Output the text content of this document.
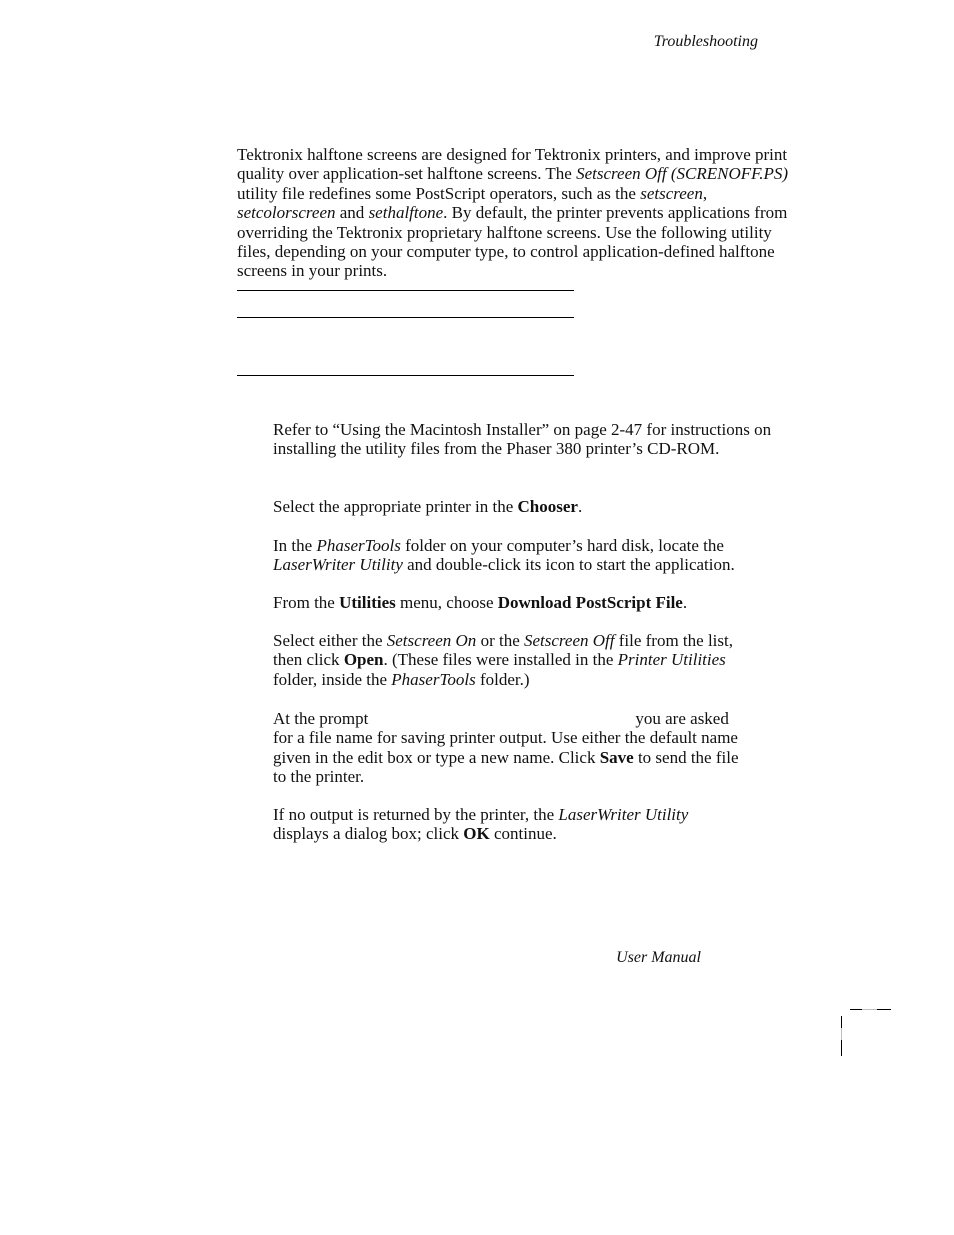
Troubleshooting
Tektronix halftone screens are designed for Tektronix printers, and improve print quality over application-set halftone screens. The Setscreen Off (SCRENOFF.PS) utility file redefines some PostScript operators, such as the setscreen, setcolorscreen and sethalftone. By default, the printer prevents applications from overriding the Tektronix proprietary halftone screens. Use the following utility files, depending on your computer type, to control application-defined halftone screens in your prints.
Refer to “Using the Macintosh Installer” on page 2-47 for instructions on installing the utility files from the Phaser 380 printer’s CD-ROM.
Select the appropriate printer in the Chooser.
In the PhaserTools folder on your computer’s hard disk, locate the LaserWriter Utility and double-click its icon to start the application.
From the Utilities menu, choose Download PostScript File.
Select either the Setscreen On or the Setscreen Off file from the list, then click Open. (These files were installed in the Printer Utilities folder, inside the PhaserTools folder.)
At the prompt	you are asked for a file name for saving printer output. Use either the default name given in the edit box or type a new name. Click Save to send the file to the printer.
If no output is returned by the printer, the LaserWriter Utility displays a dialog box; click OK continue.
User Manual
